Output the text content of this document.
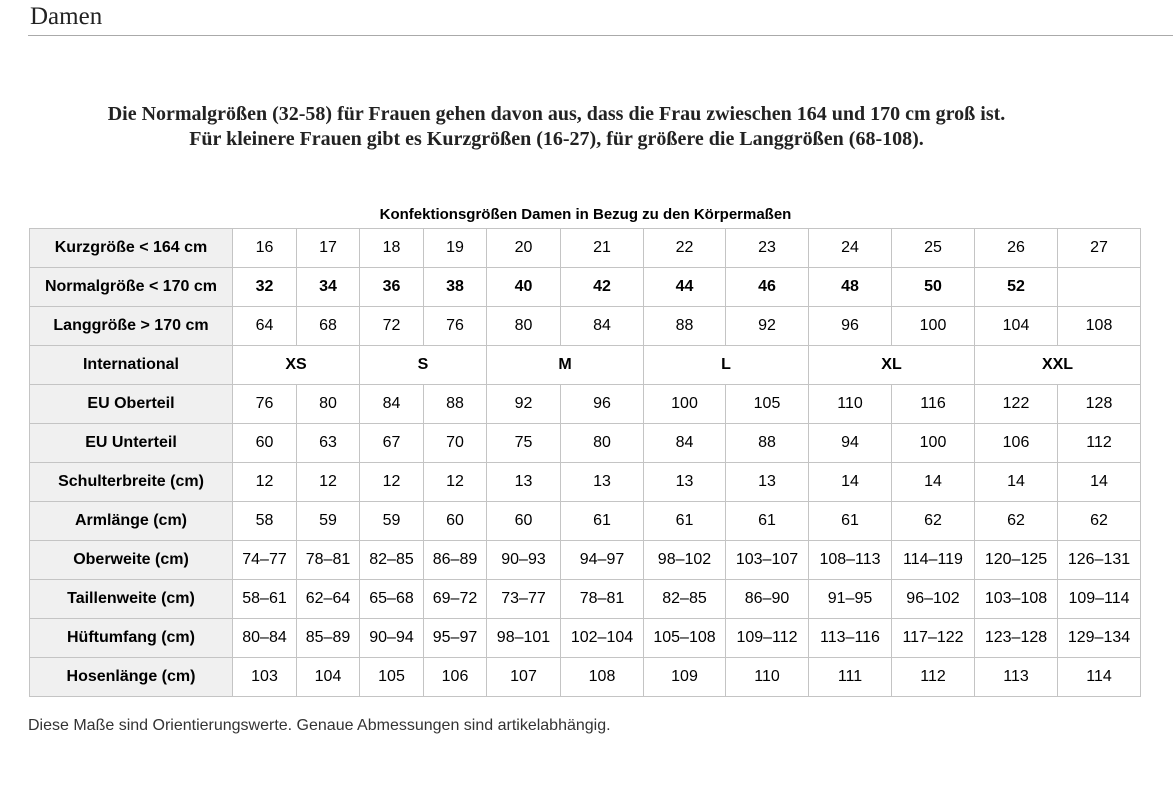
Damen
Die Normalgrößen (32-58) für Frauen gehen davon aus, dass die Frau zwieschen 164 und 170 cm groß ist.
Für kleinere Frauen gibt es Kurzgrößen (16-27), für größere die Langgrößen (68-108).
Konfektionsgrößen Damen in Bezug zu den Körpermaßen
Kurzgröße < 164 cm	16	17	18	19	20	21	22	23	24	25	26	27
Normalgröße < 170 cm	32	34	36	38	40	42	44	46	48	50	52	
Langgröße > 170 cm	64	68	72	76	80	84	88	92	96	100	104	108
International	XS		S		M		L		XL		XXL	
EU Oberteil	76	80	84	88	92	96	100	105	110	116	122	128
EU Unterteil	60	63	67	70	75	80	84	88	94	100	106	112
Schulterbreite (cm)	12	12	12	12	13	13	13	13	14	14	14	14
Armlänge (cm)	58	59	59	60	60	61	61	61	61	62	62	62
Oberweite (cm)	74–77	78–81	82–85	86–89	90–93	94–97	98–102	103–107	108–113	114–119	120–125	126–131
Taillenweite (cm)	58–61	62–64	65–68	69–72	73–77	78–81	82–85	86–90	91–95	96–102	103–108	109–114
Hüftumfang (cm)	80–84	85–89	90–94	95–97	98–101	102–104	105–108	109–112	113–116	117–122	123–128	129–134
Hosenlänge (cm)	103	104	105	106	107	108	109	110	111	112	113	114
Diese Maße sind Orientierungswerte. Genaue Abmessungen sind artikelabhängig.
